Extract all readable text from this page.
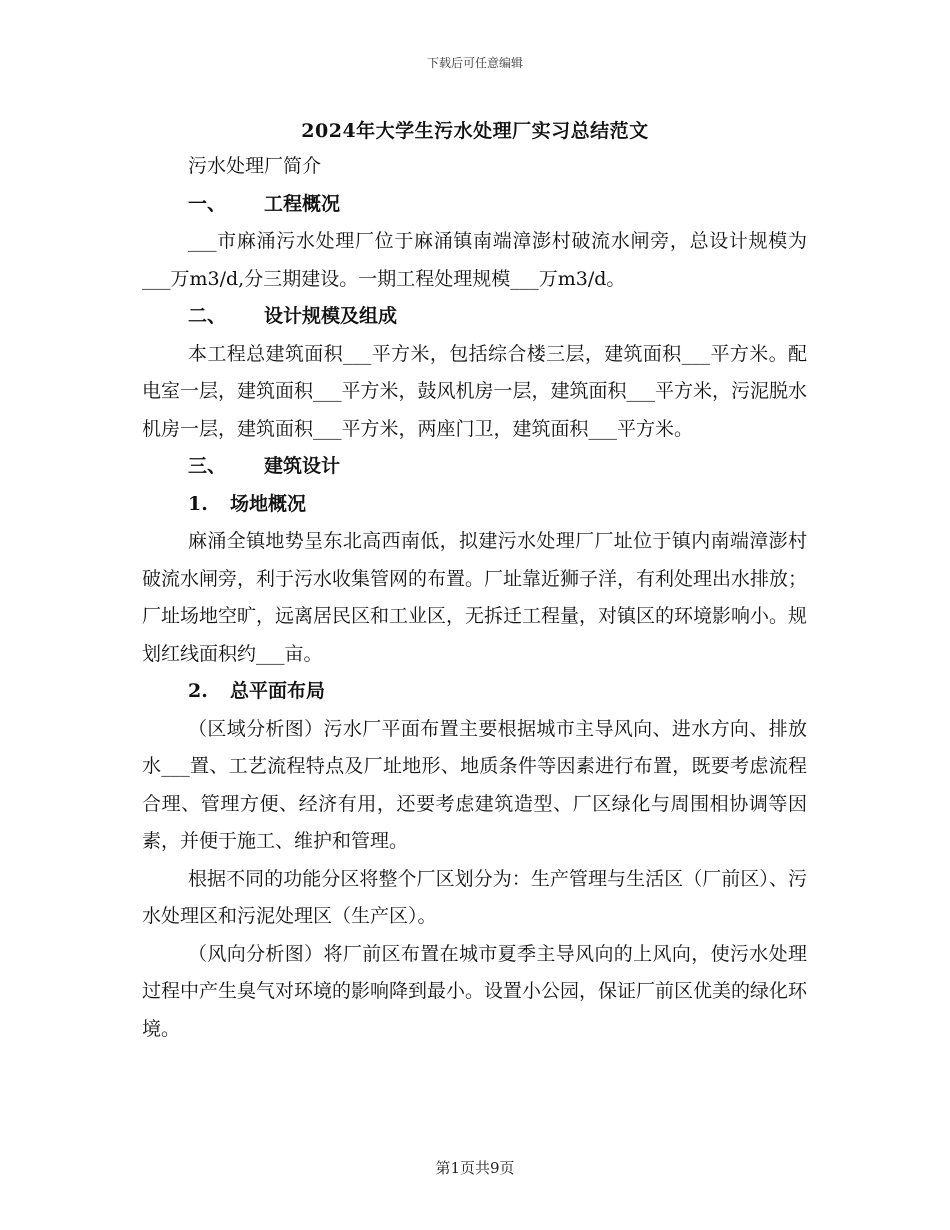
下载后可任意编辑
2024年大学生污水处理厂实习总结范文

污水处理厂简介

一、 工程概况

___市麻涌污水处理厂位于麻涌镇南端漳澎村破流水闸旁，总设计规模为___万m3/d,分三期建设。一期工程处理规模___万m3/d。

二、 设计规模及组成

本工程总建筑面积___平方米，包括综合楼三层，建筑面积___平方米。配电室一层，建筑面积___平方米，鼓风机房一层，建筑面积___平方米，污泥脱水机房一层，建筑面积___平方米，两座门卫，建筑面积___平方米。

三、 建筑设计

1. 场地概况

麻涌全镇地势呈东北高西南低，拟建污水处理厂厂址位于镇内南端漳澎村破流水闸旁，利于污水收集管网的布置。厂址靠近狮子洋，有利处理出水排放；厂址场地空旷，远离居民区和工业区，无拆迁工程量，对镇区的环境影响小。规划红线面积约___亩。

2. 总平面布局

（区域分析图）污水厂平面布置主要根据城市主导风向、进水方向、排放水___置、工艺流程特点及厂址地形、地质条件等因素进行布置，既要考虑流程合理、管理方便、经济有用，还要考虑建筑造型、厂区绿化与周围相协调等因素，并便于施工、维护和管理。

根据不同的功能分区将整个厂区划分为：生产管理与生活区（厂前区）、污水处理区和污泥处理区（生产区）。

（风向分析图）将厂前区布置在城市夏季主导风向的上风向，使污水处理过程中产生臭气对环境的影响降到最小。设置小公园，保证厂前区优美的绿化环境。

第1页共9页
